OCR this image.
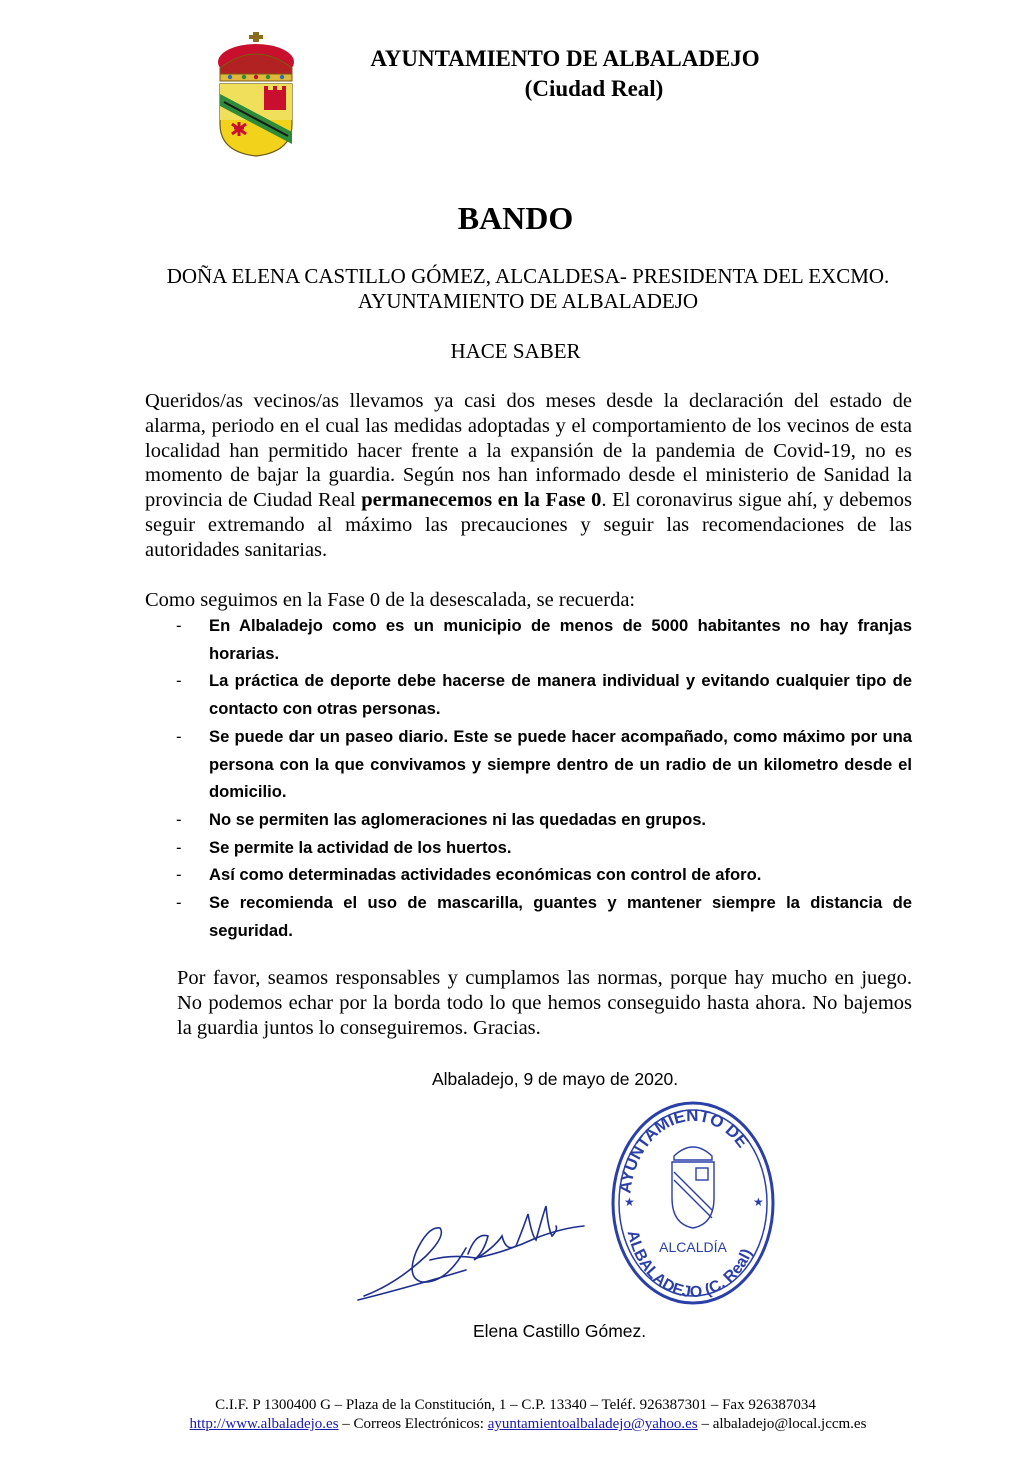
AYUNTAMIENTO DE ALBALADEJO
(Ciudad Real)
BANDO
DOÑA ELENA CASTILLO GÓMEZ, ALCALDESA- PRESIDENTA DEL EXCMO.
AYUNTAMIENTO DE ALBALADEJO
HACE SABER
Queridos/as vecinos/as llevamos ya casi dos meses desde la declaración del estado de alarma, periodo en el cual las medidas adoptadas y el comportamiento de los vecinos de esta localidad han permitido hacer frente a la expansión de la pandemia de Covid-19, no es momento de bajar la guardia. Según nos han informado desde el ministerio de Sanidad la provincia de Ciudad Real permanecemos en la Fase 0. El coronavirus sigue ahí, y debemos seguir extremando al máximo las precauciones y seguir las recomendaciones de las autoridades sanitarias.
Como seguimos en la Fase 0 de la desescalada, se recuerda:
- En Albaladejo como es un municipio de menos de 5000 habitantes no hay franjas horarias.
- La práctica de deporte debe hacerse de manera individual y evitando cualquier tipo de contacto con otras personas.
- Se puede dar un paseo diario. Este se puede hacer acompañado, como máximo por una persona con la que convivamos y siempre dentro de un radio de un kilometro desde el domicilio.
- No se permiten las aglomeraciones ni las quedadas en grupos.
- Se permite la actividad de los huertos.
- Así como determinadas actividades económicas con control de aforo.
- Se recomienda el uso de mascarilla, guantes y mantener siempre la distancia de seguridad.
Por favor, seamos responsables y cumplamos las normas, porque hay mucho en juego. No podemos echar por la borda todo lo que hemos conseguido hasta ahora. No bajemos la guardia juntos lo conseguiremos. Gracias.
Albaladejo, 9 de mayo de 2020.
AYUNTAMIENTO DE
ALBALADEJO (C. Real)
★	★
ALCALDÍA
Elena Castillo Gómez.
C.I.F. P 1300400 G – Plaza de la Constitución, 1 – C.P. 13340 – Teléf. 926387301 – Fax 926387034
http://www.albaladejo.es – Correos Electrónicos: ayuntamientoalbaladejo@yahoo.es – albaladejo@local.jccm.es
